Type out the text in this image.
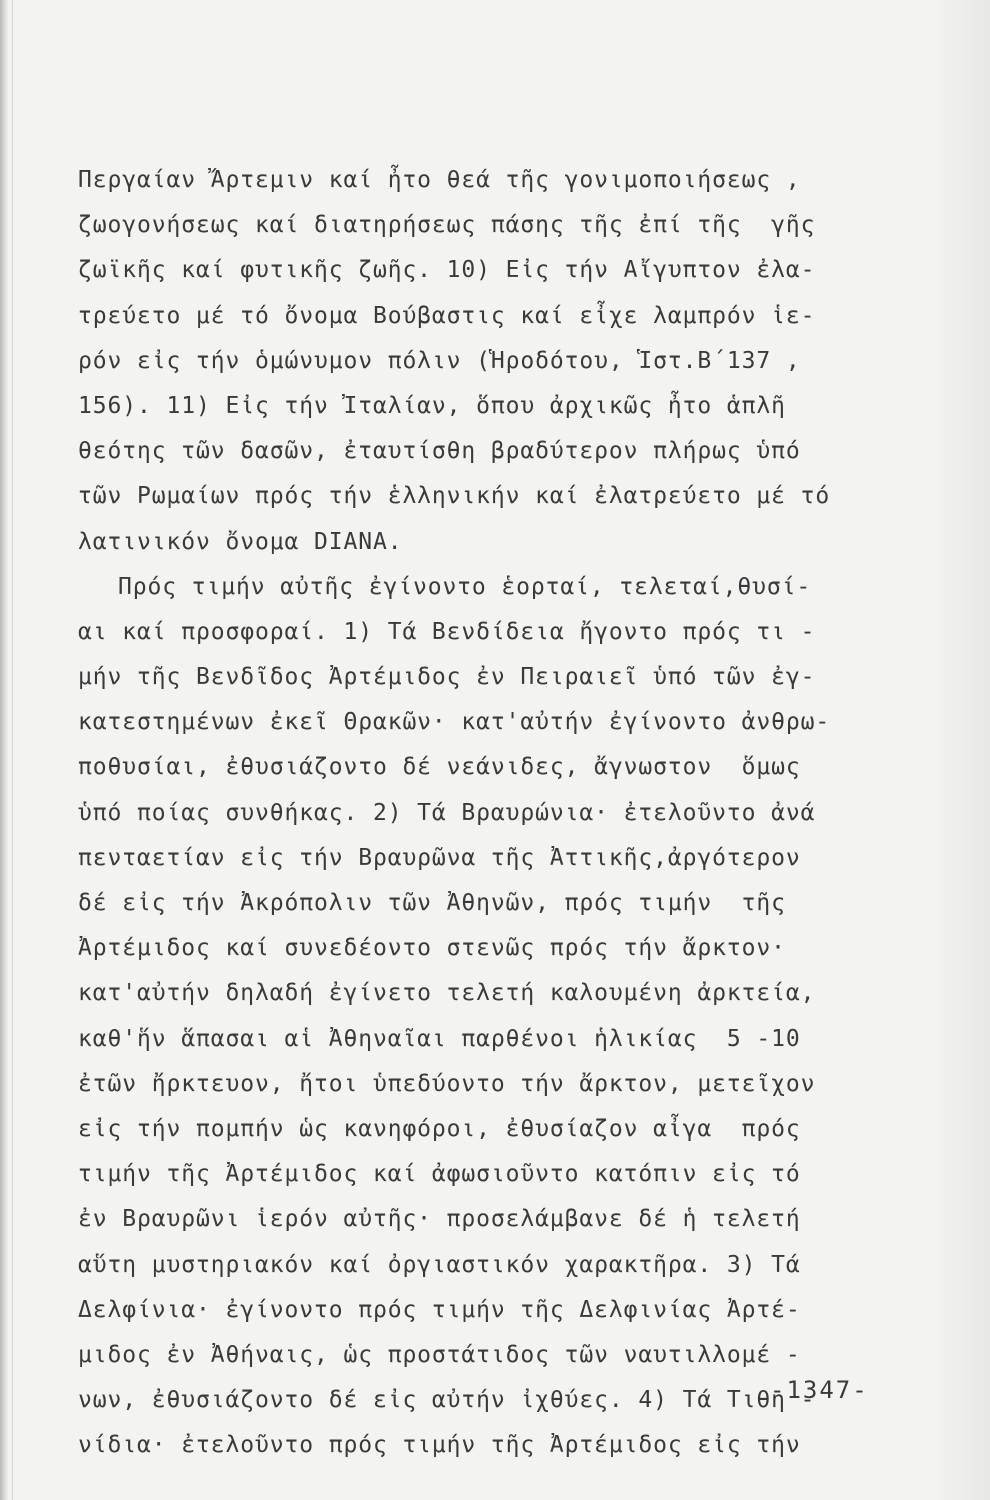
Περγαίαν Ἄρτεμιν καί ἦτο θεά τῆς γονιμοποιήσεως ,
ζωογονήσεως καί διατηρήσεως πάσης τῆς ἐπί τῆς  γῆς
ζωϊκῆς καί φυτικῆς ζωῆς. 10) Εἰς τήν Αἴγυπτον ἐλα-
τρεύετο μέ τό ὄνομα Βούβαστις καί εἶχε λαμπρόν ἱε-
ρόν εἰς τήν ὁμώνυμον πόλιν (Ἡροδότου, Ἱστ.Β΄137 ,
156). 11) Εἰς τήν Ἰταλίαν, ὅπου ἀρχικῶς ἦτο ἁπλῆ
θεότης τῶν δασῶν, ἐταυτίσθη βραδύτερον πλήρως ὑπό
τῶν Ρωμαίων πρός τήν ἑλληνικήν καί ἐλατρεύετο μέ τό
λατινικόν ὄνομα DIANA.
Πρός τιμήν αὐτῆς ἐγίνοντο ἑορταί, τελεταί,θυσί-
αι καί προσφοραί. 1) Τά Βενδίδεια ἤγοντο πρός τι -
μήν τῆς Βενδῖδος Ἀρτέμιδος ἐν Πειραιεῖ ὑπό τῶν ἐγ-
κατεστημένων ἐκεῖ Θρακῶν· κατ'αὐτήν ἐγίνοντο ἀνθρω-
ποθυσίαι, ἐθυσιάζοντο δέ νεάνιδες, ἄγνωστον  ὅμως
ὑπό ποίας συνθήκας. 2) Τά Βραυρώνια· ἐτελοῦντο ἀνά
πενταετίαν εἰς τήν Βραυρῶνα τῆς Ἀττικῆς,ἀργότερον
δέ εἰς τήν Ἀκρόπολιν τῶν Ἀθηνῶν, πρός τιμήν  τῆς
Ἀρτέμιδος καί συνεδέοντο στενῶς πρός τήν ἄρκτον·
κατ'αὐτήν δηλαδή ἐγίνετο τελετή καλουμένη ἀρκτεία,
καθ'ἥν ἅπασαι αἱ Ἀθηναῖαι παρθένοι ἡλικίας  5 -10
ἐτῶν ἤρκτευον, ἤτοι ὑπεδύοντο τήν ἄρκτον, μετεῖχον
εἰς τήν πομπήν ὡς κανηφόροι, ἐθυσίαζον αἶγα  πρός
τιμήν τῆς Ἀρτέμιδος καί ἀφωσιοῦντο κατόπιν εἰς τό
ἐν Βραυρῶνι ἱερόν αὐτῆς· προσελάμβανε δέ ἡ τελετή
αὕτη μυστηριακόν καί ὀργιαστικόν χαρακτῆρα. 3) Τά
Δελφίνια· ἐγίνοντο πρός τιμήν τῆς Δελφινίας Ἀρτέ-
μιδος ἐν Ἀθήναις, ὡς προστάτιδος τῶν ναυτιλλομέ -
νων, ἐθυσιάζοντο δέ εἰς αὐτήν ἰχθύες. 4) Τά Τιθη -
νίδια· ἐτελοῦντο πρός τιμήν τῆς Ἀρτέμιδος εἰς τήν
-1347-
